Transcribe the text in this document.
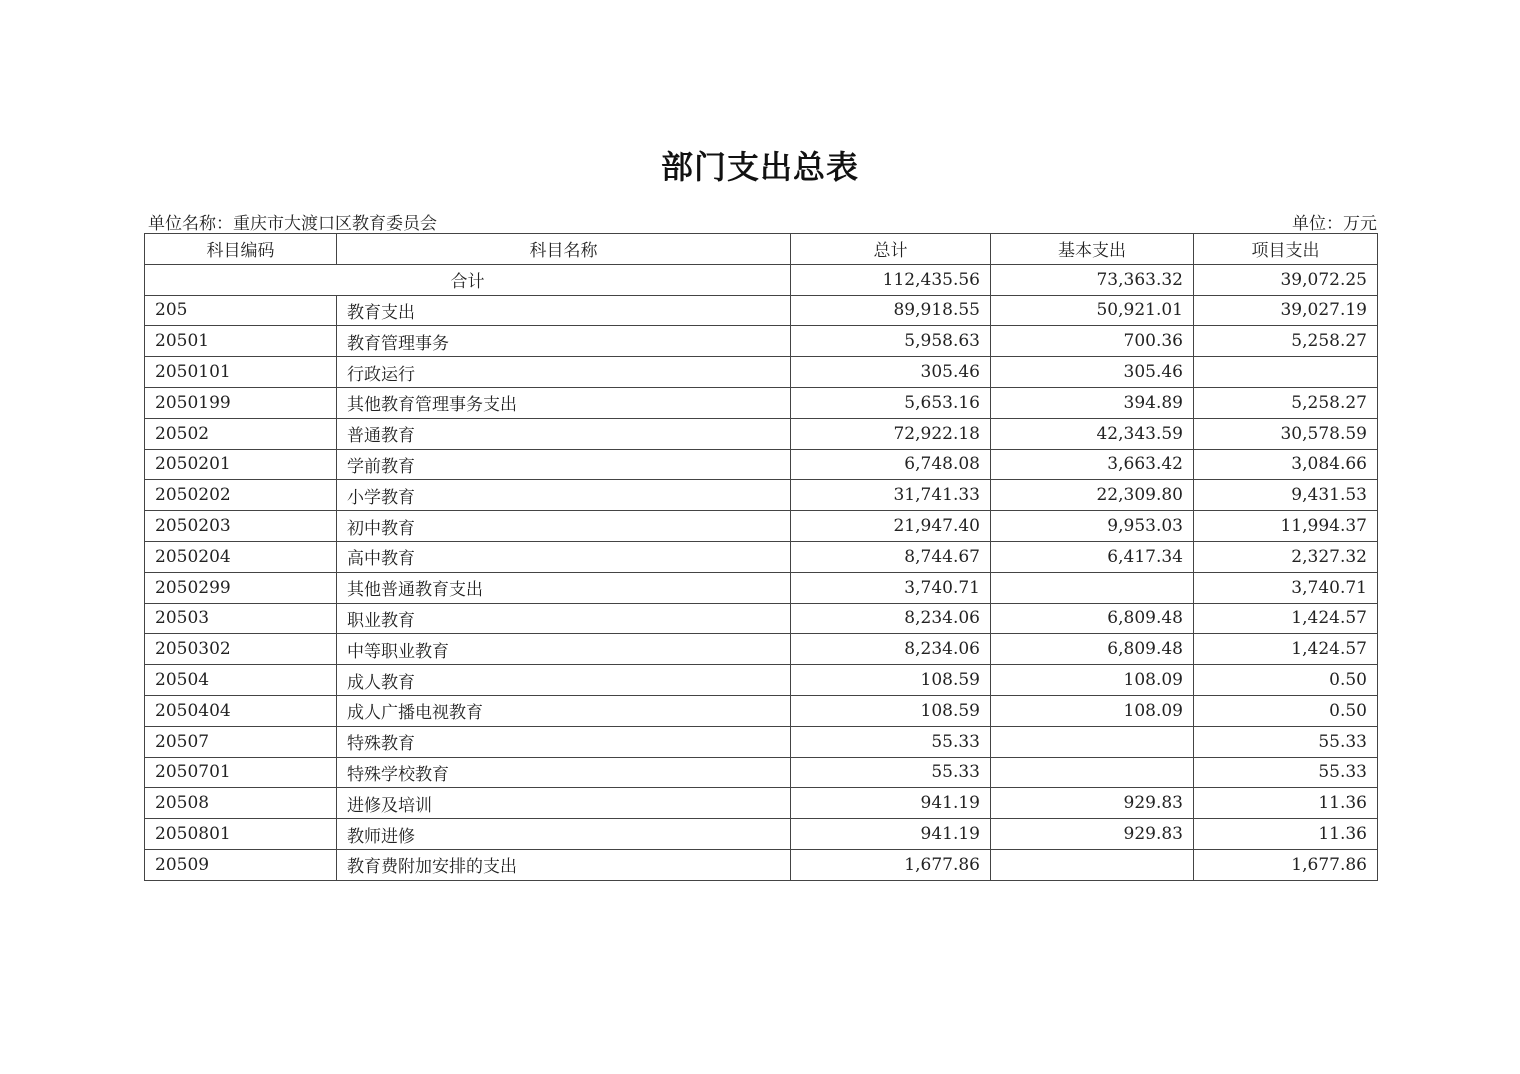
部门支出总表
单位名称：重庆市大渡口区教育委员会	单位：万元
科目编码	科目名称	总计	基本支出	项目支出
合计		112,435.56	73,363.32	39,072.25
205	教育支出	89,918.55	50,921.01	39,027.19
20501	教育管理事务	5,958.63	700.36	5,258.27
2050101	行政运行	305.46	305.46	
2050199	其他教育管理事务支出	5,653.16	394.89	5,258.27
20502	普通教育	72,922.18	42,343.59	30,578.59
2050201	学前教育	6,748.08	3,663.42	3,084.66
2050202	小学教育	31,741.33	22,309.80	9,431.53
2050203	初中教育	21,947.40	9,953.03	11,994.37
2050204	高中教育	8,744.67	6,417.34	2,327.32
2050299	其他普通教育支出	3,740.71		3,740.71
20503	职业教育	8,234.06	6,809.48	1,424.57
2050302	中等职业教育	8,234.06	6,809.48	1,424.57
20504	成人教育	108.59	108.09	0.50
2050404	成人广播电视教育	108.59	108.09	0.50
20507	特殊教育	55.33		55.33
2050701	特殊学校教育	55.33		55.33
20508	进修及培训	941.19	929.83	11.36
2050801	教师进修	941.19	929.83	11.36
20509	教育费附加安排的支出	1,677.86		1,677.86
